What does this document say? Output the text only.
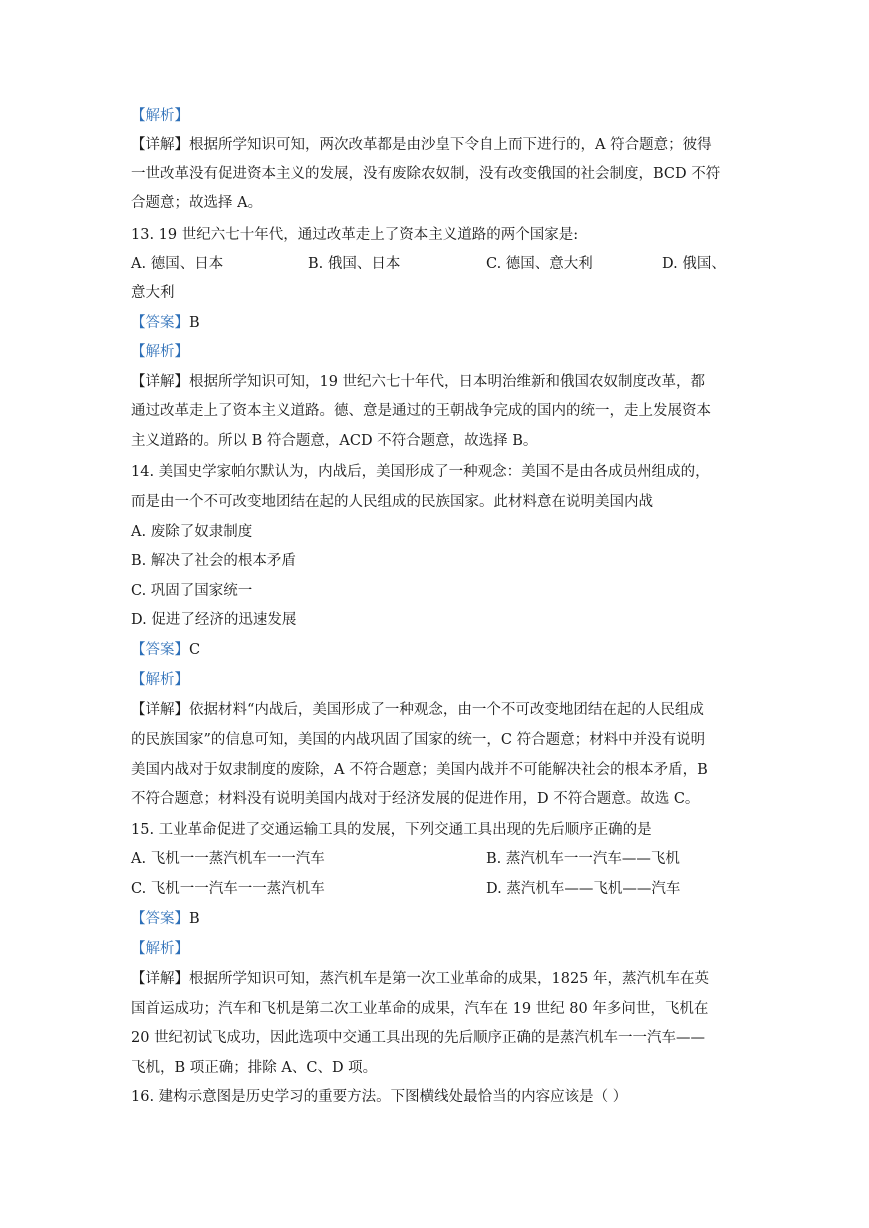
【解析】
【详解】根据所学知识可知，两次改革都是由沙皇下令自上而下进行的，A 符合题意；彼得
一世改革没有促进资本主义的发展，没有废除农奴制，没有改变俄国的社会制度，BCD 不符
合题意；故选择 A。
13. 19 世纪六七十年代，通过改革走上了资本主义道路的两个国家是:
A. 德国、日本	B. 俄国、日本	C. 德国、意大利	D. 俄国、
意大利
【答案】B
【解析】
【详解】根据所学知识可知，19 世纪六七十年代，日本明治维新和俄国农奴制度改革，都
通过改革走上了资本主义道路。德、意是通过的王朝战争完成的国内的统一，走上发展资本
主义道路的。所以 B 符合题意，ACD 不符合题意，故选择 B。
14. 美国史学家帕尔默认为，内战后，美国形成了一种观念：美国不是由各成员州组成的，
而是由一个不可改变地团结在起的人民组成的民族国家。此材料意在说明美国内战
A. 废除了奴隶制度
B. 解决了社会的根本矛盾
C. 巩固了国家统一
D. 促进了经济的迅速发展
【答案】C
【解析】
【详解】依据材料“内战后，美国形成了一种观念，由一个不可改变地团结在起的人民组成
的民族国家”的信息可知，美国的内战巩固了国家的统一，C 符合题意；材料中并没有说明
美国内战对于奴隶制度的废除，A 不符合题意；美国内战并不可能解决社会的根本矛盾，B
不符合题意；材料没有说明美国内战对于经济发展的促进作用，D 不符合题意。故选 C。
15. 工业革命促进了交通运输工具的发展，下列交通工具出现的先后顺序正确的是
A. 飞机一一蒸汽机车一一汽车	B. 蒸汽机车一一汽车——飞机
C. 飞机一一汽车一一蒸汽机车	D. 蒸汽机车——飞机——汽车
【答案】B
【解析】
【详解】根据所学知识可知，蒸汽机车是第一次工业革命的成果，1825 年，蒸汽机车在英
国首运成功；汽车和飞机是第二次工业革命的成果，汽车在 19 世纪 80 年多问世，飞机在
20 世纪初试飞成功，因此选项中交通工具出现的先后顺序正确的是蒸汽机车一一汽车——
飞机，B 项正确；排除 A、C、D 项。
16. 建构示意图是历史学习的重要方法。下图横线处最恰当的内容应该是（ ）
